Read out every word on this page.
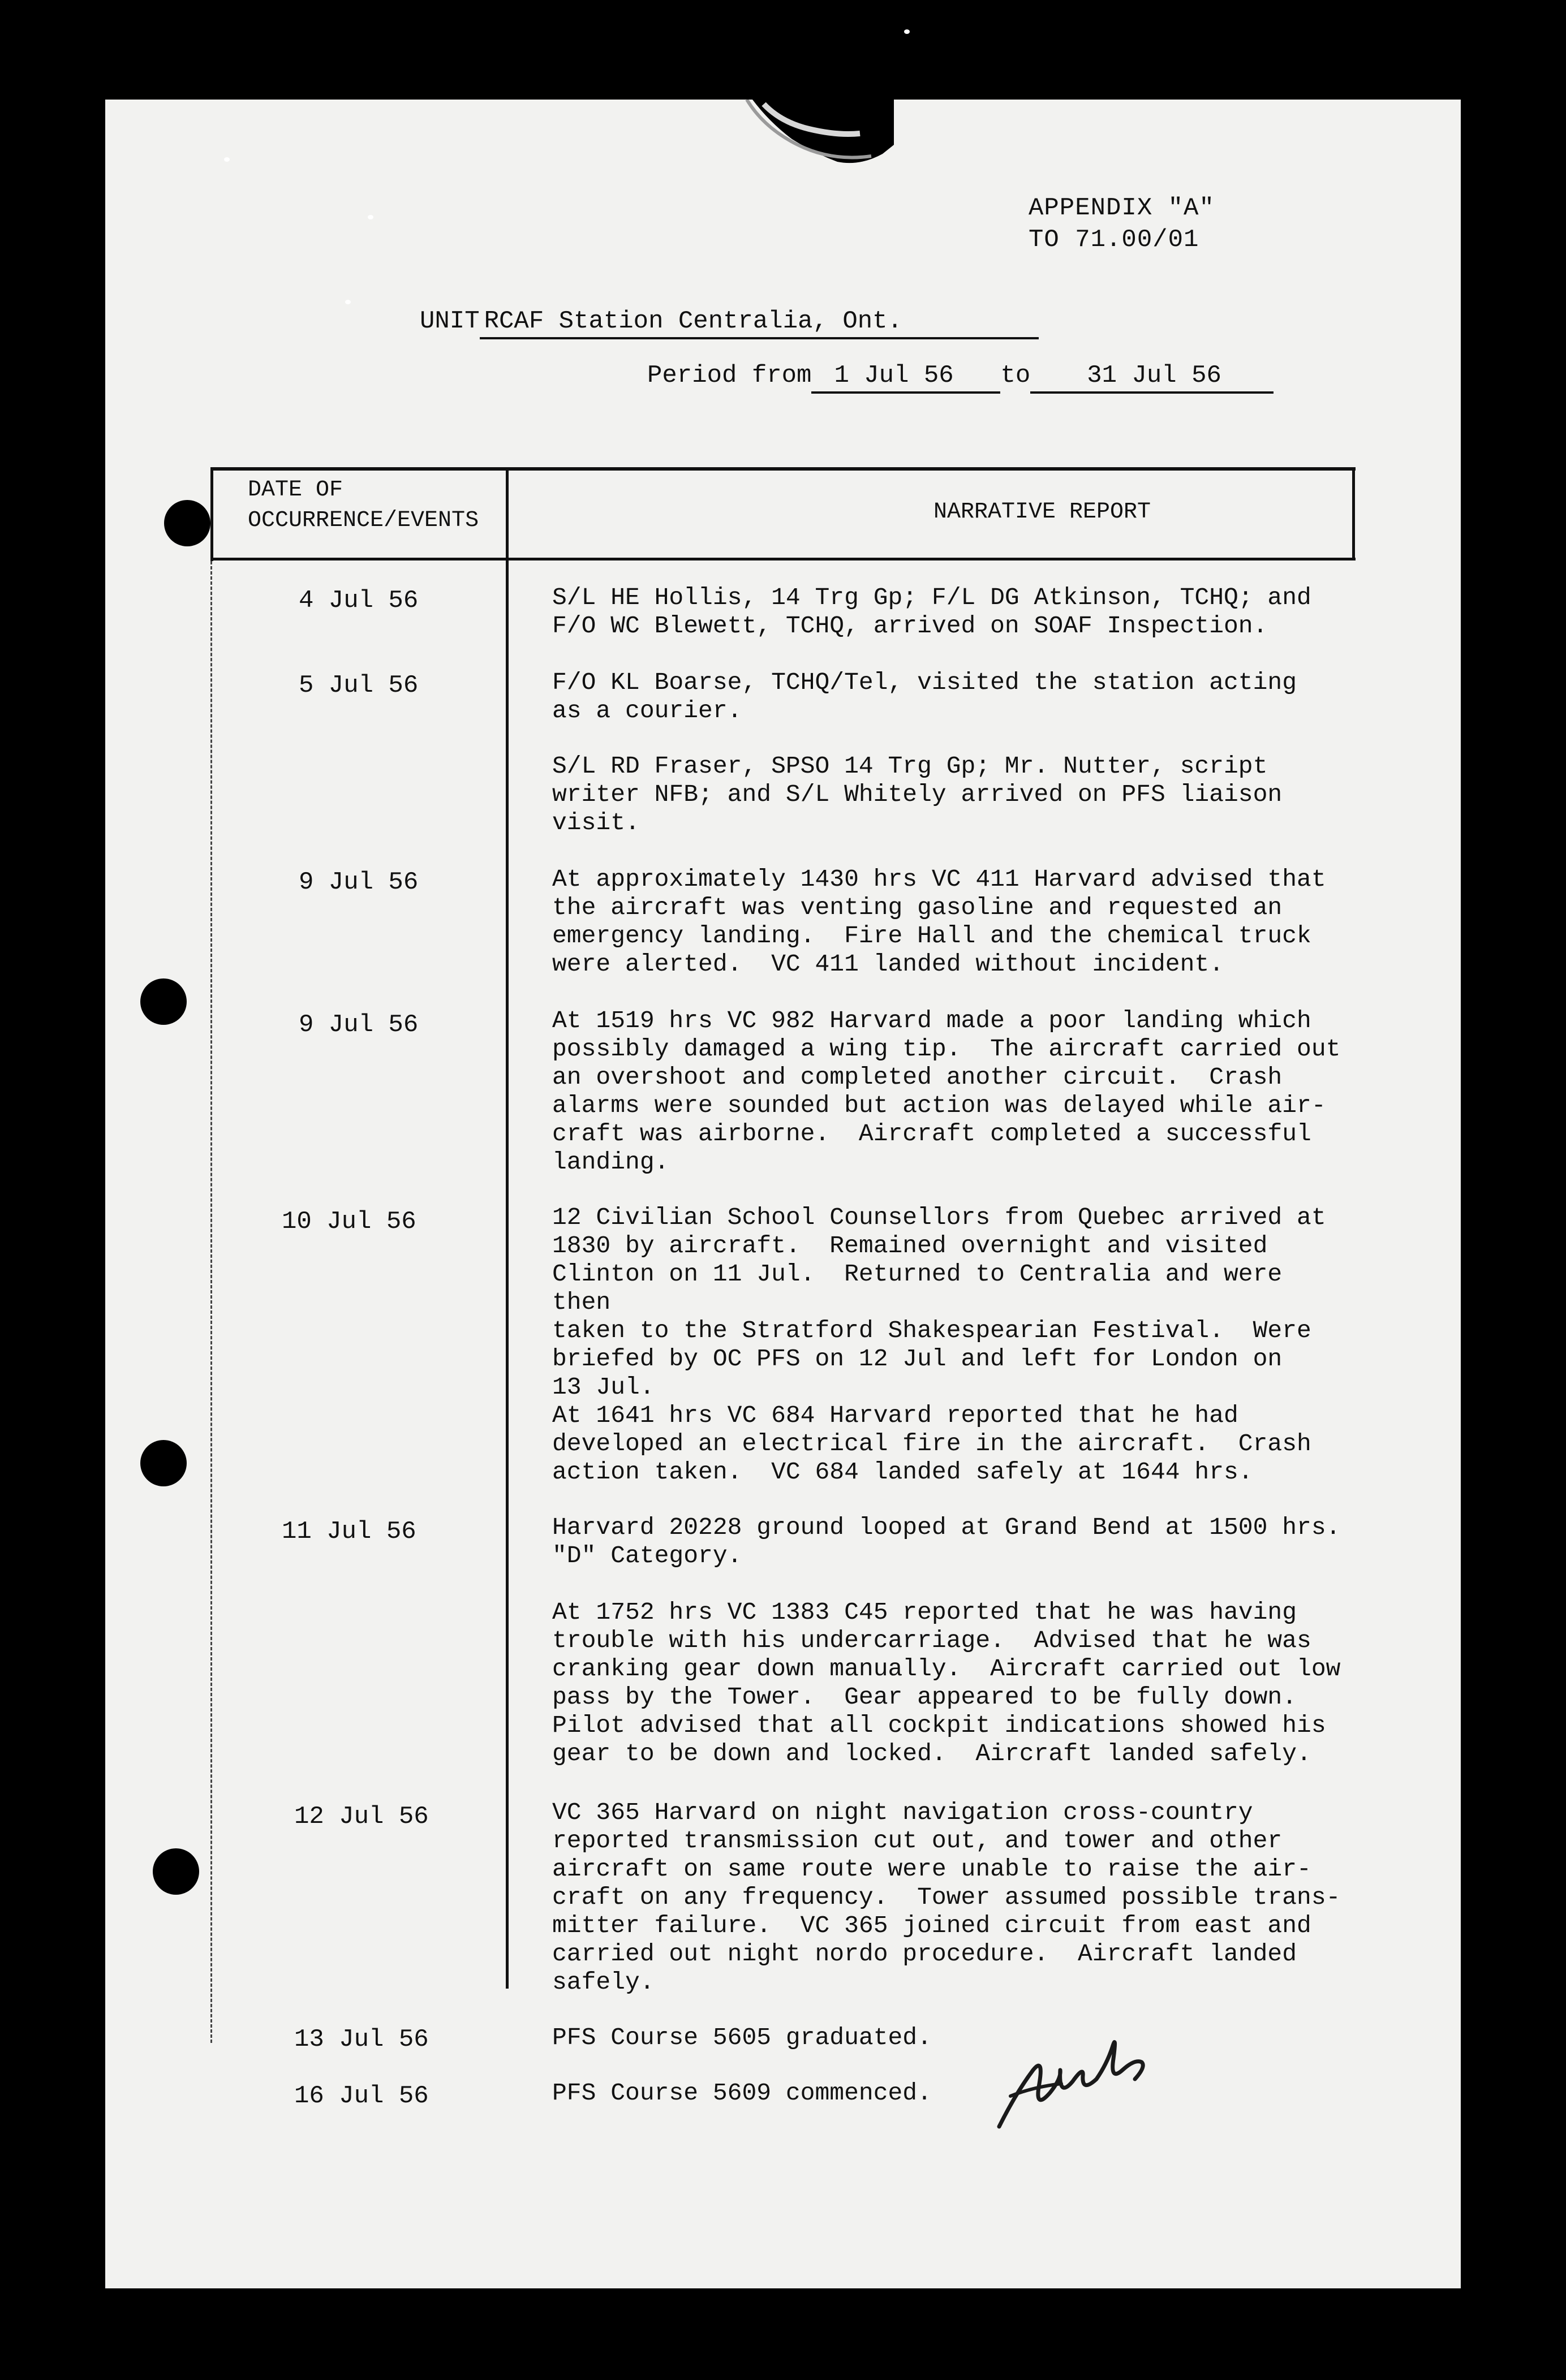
APPENDIX "A"
TO 71.00/01
UNIT RCAF Station Centralia, Ont.
Period from 1 Jul 56 to 31 Jul 56
DATE OF
OCCURRENCE/EVENTS	NARRATIVE REPORT
4 Jul 56	S/L HE Hollis, 14 Trg Gp; F/L DG Atkinson, TCHQ; and
F/O WC Blewett, TCHQ, arrived on SOAF Inspection.
5 Jul 56	F/O KL Boarse, TCHQ/Tel, visited the station acting
as a courier.
S/L RD Fraser, SPSO 14 Trg Gp; Mr. Nutter, script
writer NFB; and S/L Whitely arrived on PFS liaison
visit.
9 Jul 56	At approximately 1430 hrs VC 411 Harvard advised that
the aircraft was venting gasoline and requested an
emergency landing.  Fire Hall and the chemical truck
were alerted.  VC 411 landed without incident.
9 Jul 56	At 1519 hrs VC 982 Harvard made a poor landing which
possibly damaged a wing tip.  The aircraft carried out
an overshoot and completed another circuit.  Crash
alarms were sounded but action was delayed while air-
craft was airborne.  Aircraft completed a successful
landing.
10 Jul 56	12 Civilian School Counsellors from Quebec arrived at
1830 by aircraft.  Remained overnight and visited
Clinton on 11 Jul.  Returned to Centralia and were then
taken to the Stratford Shakespearian Festival.  Were
briefed by OC PFS on 12 Jul and left for London on
13 Jul.
At 1641 hrs VC 684 Harvard reported that he had
developed an electrical fire in the aircraft.  Crash
action taken.  VC 684 landed safely at 1644 hrs.
11 Jul 56	Harvard 20228 ground looped at Grand Bend at 1500 hrs.
"D" Category.
At 1752 hrs VC 1383 C45 reported that he was having
trouble with his undercarriage.  Advised that he was
cranking gear down manually.  Aircraft carried out low
pass by the Tower.  Gear appeared to be fully down.
Pilot advised that all cockpit indications showed his
gear to be down and locked.  Aircraft landed safely.
12 Jul 56	VC 365 Harvard on night navigation cross-country
reported transmission cut out, and tower and other
aircraft on same route were unable to raise the air-
craft on any frequency.  Tower assumed possible trans-
mitter failure.  VC 365 joined circuit from east and
carried out night nordo procedure.  Aircraft landed
safely.
13 Jul 56	PFS Course 5605 graduated.
16 Jul 56	PFS Course 5609 commenced.
